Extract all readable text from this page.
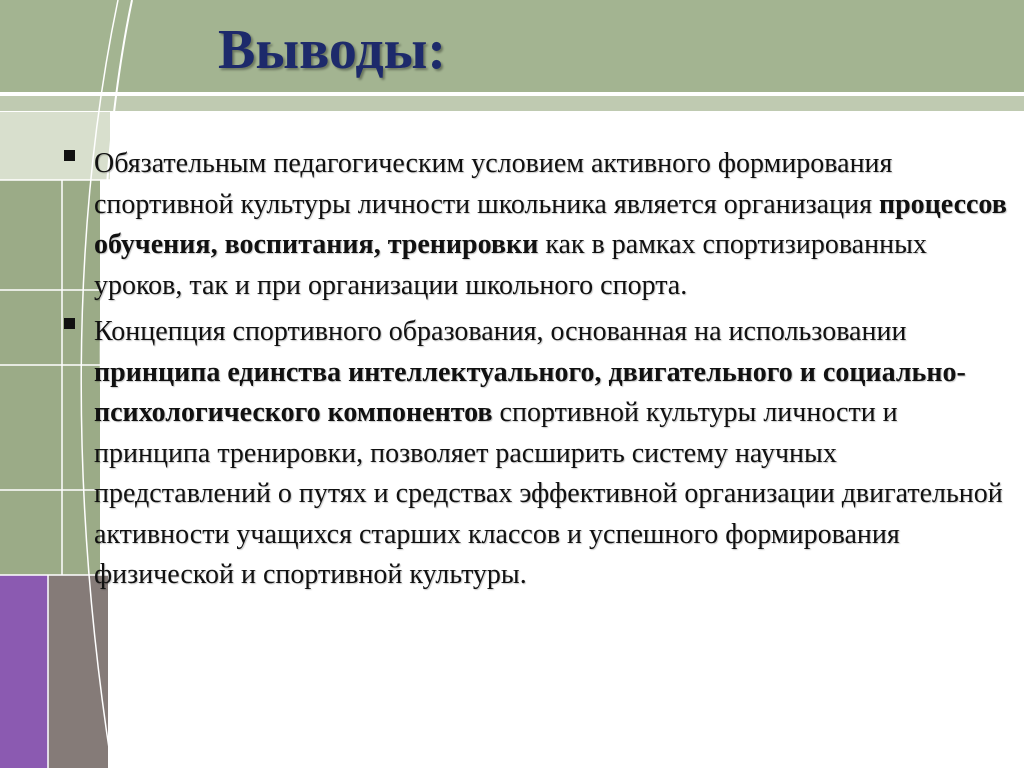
Выводы:
Обязательным педагогическим условием активного формирования спортивной культуры личности школьника является организация процессов обучения, воспитания, тренировки как в рамках спортизированных уроков, так и при организации школьного спорта.
Концепция спортивного образования, основанная на использовании принципа единства интеллектуального, двигательного и социально-психологического компонентов спортивной культуры личности и принципа тренировки, позволяет расширить систему научных представлений о путях и средствах эффективной организации двигательной активности учащихся старших классов и успешного формирования физической и спортивной культуры.
